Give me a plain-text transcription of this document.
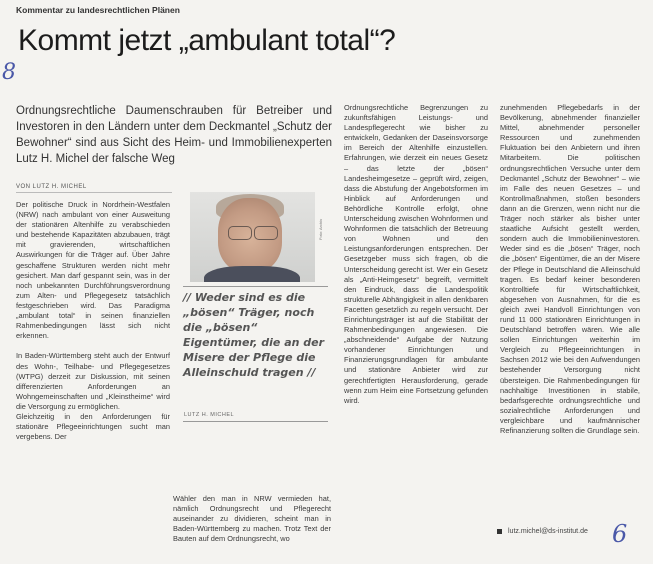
Kommentar zu landesrechtlichen Plänen
Kommt jetzt „ambulant total“?
8

Ordnungsrechtliche Daumenschrauben für Betreiber und Investoren in den Ländern unter dem Deckmantel „Schutz der Bewohner“ sind aus Sicht des Heim- und Immobilienexperten Lutz H. Michel der falsche Weg

VON LUTZ H. MICHEL

Der politische Druck in Nordrhein-Westfalen (NRW) nach ambulant von einer Ausweitung der stationären Altenhilfe zu verabschieden und bestehende Kapazitäten abzubauen, trägt mit gravierenden, wirtschaftlichen Auswirkungen für die Träger auf. Über Jahre geschaffene Strukturen werden nicht mehr gesichert. Man darf gespannt sein, was in der noch unbekannten Durchführungsverordnung zum Alten- und Pflegegesetz tatsächlich festgeschrieben wird. Das Paradigma „ambulant total“ in seinen finanziellen Rahmenbedingungen lässt sich nicht erkennen.

In Baden-Württemberg steht auch der Entwurf des Wohn-, Teilhabe- und Pflegegesetzes (WTPG) derzeit zur Diskussion, mit seinen differenzierten Anforderungen an Wohngemeinschaften und „Kleinstheime“ wird die Versorgung zu ermöglichen.
Gleichzeitig in den Anforderungen für stationäre Pflegeeinrichtungen sucht man vergebens. Der

Foto: Archiv

// Weder sind es die „bösen“ Träger, noch die „bösen“ Eigentümer, die an der Misere der Pflege die Alleinschuld tragen //

LUTZ H. MICHEL

Wähler den man in NRW vermieden hat, nämlich Ordnungsrecht und Pflegerecht auseinander zu dividieren, scheint man in Baden-Württemberg zu machen. Trotz Text der Bauten auf dem Ordnungsrecht, wo

Ordnungsrechtliche Begrenzungen zu zukunftsfähigen Leistungs- und Landespflegerecht wie bisher zu entwickeln, Gedanken der Daseinsvorsorge im Bereich der Altenhilfe einzustellen. Erfahrungen, wie derzeit ein neues Gesetz – das letzte der „bösen“ Landesheimgesetze – geprüft wird, zeigen, dass die Abstufung der Angebotsformen im Hinblick auf Anforderungen und Behördliche Kontrolle erfolgt, ohne Unterscheidung zwischen Wohnformen und Wohnformen die tatsächlich der Betreuung von Wohnen und den Leistungsanforderungen entsprechen. Der Gesetzgeber muss sich fragen, ob die Unterscheidung gerecht ist. Wer ein Gesetz als „Anti-Heimgesetz“ begreift, vermittelt den Eindruck, dass die Landespolitik strukturelle Abhängigkeit in allen denkbaren Facetten gesetzlich zu regeln versucht. Der Einrichtungsträger ist auf die Stabilität der Rahmenbedingungen angewiesen. Die „abschneidende“ Aufgabe der Nutzung vorhandener Einrichtungen und Finanzierungsgrundlagen für ambulante und stationäre Anbieter wird zur gerechtfertigten Herausforderung, gerade wenn zum Heim eine Fortsetzung gefunden wird.

zunehmenden Pflegebedarfs in der Bevölkerung, abnehmender finanzieller Mittel, abnehmender personeller Ressourcen und zunehmenden Fluktuation bei den Anbietern und ihren Mitarbeitern. Die politischen ordnungsrechtlichen Versuche unter dem Deckmantel „Schutz der Bewohner“ – wie im Falle des neuen Gesetzes – und Kontrollmaßnahmen, stoßen besonders dann an die Grenzen, wenn nicht nur die Träger noch stärker als bisher unter staatliche Aufsicht gestellt werden, sondern auch die Immobilieninvestoren. Weder sind es die „bösen“ Träger, noch die „bösen“ Eigentümer, die an der Misere der Pflege in Deutschland die Alleinschuld tragen. Es bedarf keiner besonderen Kontrolltiefe für Wirtschaftlichkeit, abgesehen von Ausnahmen, für die es gleich zwei Handvoll Einrichtungen von rund 11 000 stationären Einrichtungen in Deutschland betroffen wären. Wie alle sollen Einrichtungen weiterhin im Vergleich zu Pflegeeinrichtungen in Sachsen 2012 wie bei den Aufwendungen bestehender Versorgung nicht übersteigen. Die Rahmenbedingungen für nachhaltige Investitionen in stabile, bedarfsgerechte ordnungsrechtliche und sozialrechtliche Anforderungen und vergleichbare und kaufmännischer Refinanzierung sollten die Grundlage sein.

lutz.michel@ds-institut.de 6
